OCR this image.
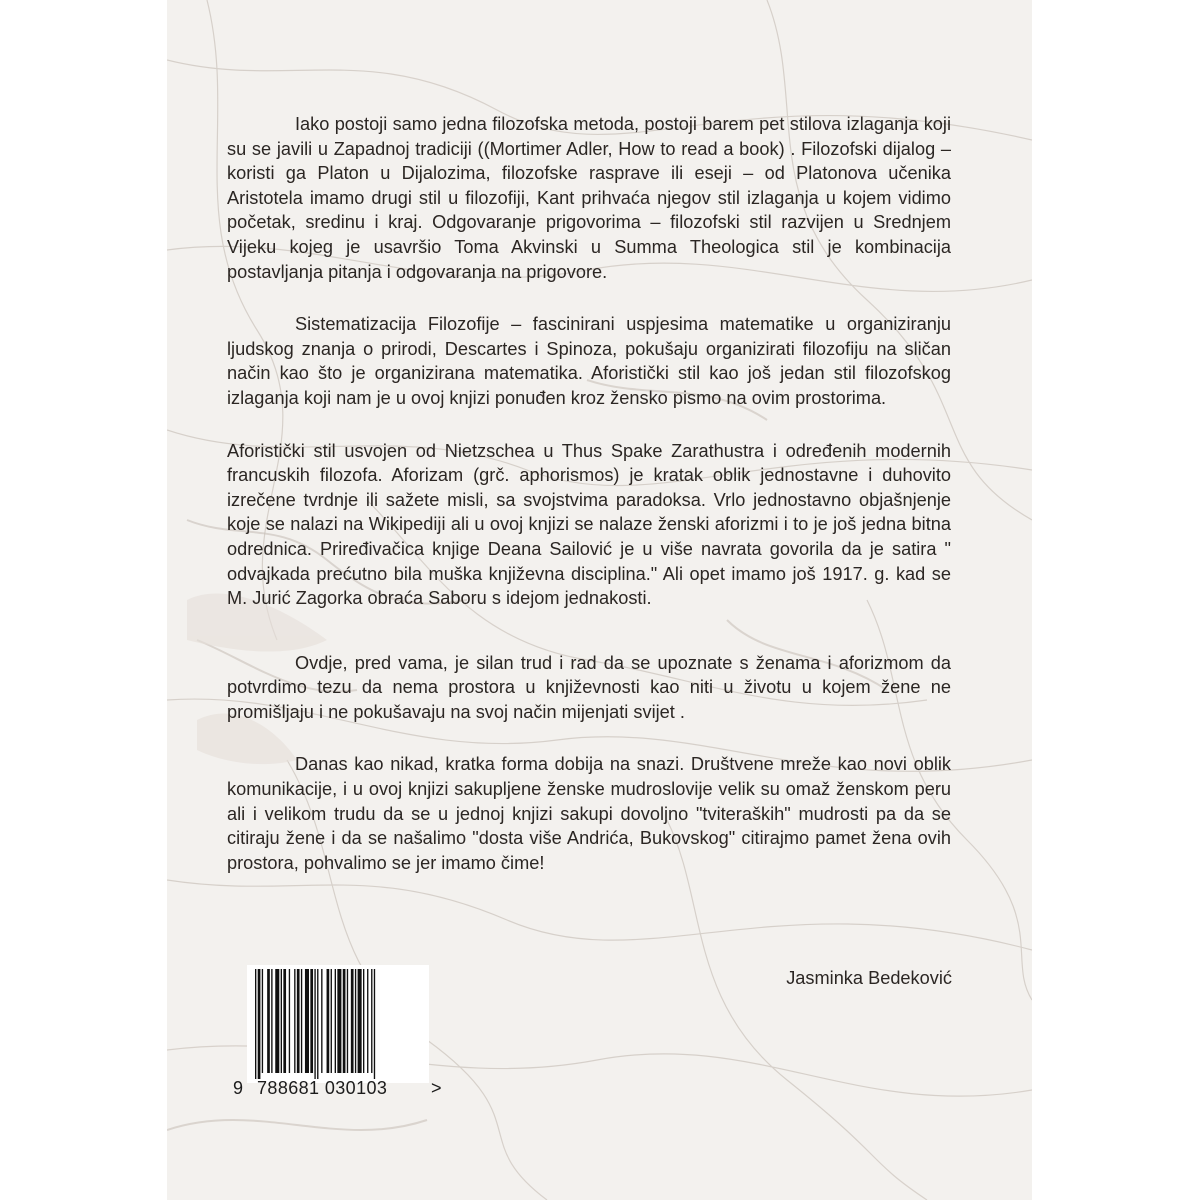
Iako postoji samo jedna filozofska metoda, postoji barem pet stilova izlaganja koji su se javili u Zapadnoj tradiciji ((Mortimer Adler, How to read a book) . Filozofski dijalog – koristi ga Platon u Dijalozima, filozofske rasprave ili eseji – od Platonova učenika Aristotela imamo drugi stil u filozofiji, Kant prihvaća njegov stil izlaganja u kojem vidimo početak, sredinu i kraj. Odgovaranje prigovorima – filozofski stil razvijen u Srednjem Vijeku kojeg je usavršio Toma Akvinski u Summa Theologica stil je kombinacija postavljanja pitanja i odgovaranja na prigovore.

Sistematizacija Filozofije – fascinirani uspjesima matematike u organiziranju ljudskog znanja o prirodi, Descartes i Spinoza, pokušaju organizirati filozofiju na sličan način kao što je organizirana matematika. Aforistički stil kao još jedan stil filozofskog izlaganja koji nam je u ovoj knjizi ponuđen kroz žensko pismo na ovim prostorima.

Aforistički stil usvojen od Nietzschea u Thus Spake Zarathustra i određenih modernih francuskih filozofa. Aforizam (grč. aphorismos) je kratak oblik jednostavne i duhovito izrečene tvrdnje ili sažete misli, sa svojstvima paradoksa. Vrlo jednostavno objašnjenje koje se nalazi na Wikipediji ali u ovoj knjizi se nalaze ženski aforizmi i to je još jedna bitna odrednica. Priređivačica knjige Deana Sailović je u više navrata govorila da je satira " odvajkada prećutno bila muška književna disciplina." Ali opet imamo još 1917. g. kad se M. Jurić Zagorka obraća Saboru s idejom jednakosti.

Ovdje, pred vama, je silan trud i rad da se upoznate s ženama i aforizmom da potvrdimo tezu da nema prostora u književnosti kao niti u životu u kojem žene ne promišljaju i ne pokušavaju na svoj način mijenjati svijet .

Danas kao nikad, kratka forma dobija na snazi. Društvene mreže kao novi oblik komunikacije, i u ovoj knjizi sakupljene ženske mudroslovije velik su omaž ženskom peru ali i velikom trudu da se u jednoj knjizi sakupi dovoljno "tviteraških" mudrosti pa da se citiraju žene i da se našalimo "dosta više Andrića, Bukovskog" citirajmo pamet žena ovih prostora, pohvalimo se jer imamo čime!

Jasminka Bedeković
9 788681 030103 >
